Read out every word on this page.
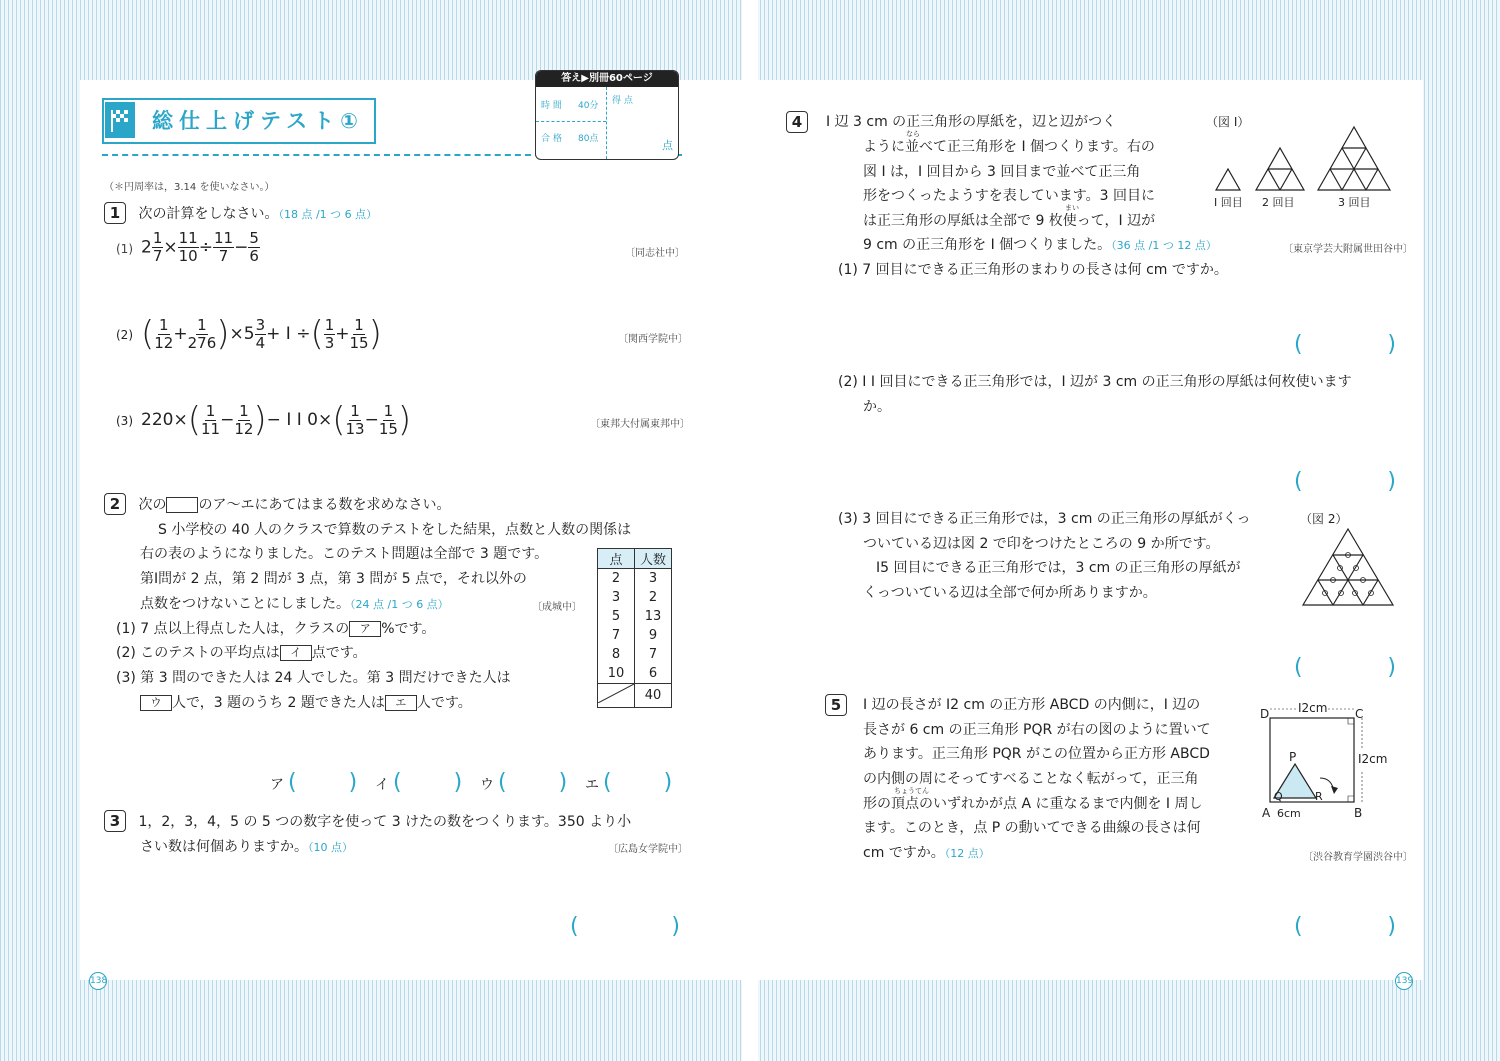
総仕上げテスト①
答え▶別冊60ページ
時 間 40分
合 格 80点
得 点
点
（＊円周率は，3.14 を使いなさい。）
1 次の計算をしなさい。（18 点 /1 つ 6 点）
(1) $2 \frac{1}{7} \times \frac{11}{10} \div \frac{11}{7} - \frac{5}{6}$	〔同志社中〕
(2) ( $\frac{1}{12} + \frac{1}{276} )\times 5 \frac{3}{4} + I$ ÷( $\frac{1}{3} + \frac{1}{15}$ )	〔関西学院中〕
(3) $220\times( \frac{1}{11} - \frac{1}{12}$ )− I I $0\times( \frac{1}{13} - \frac{1}{15}$ )	〔東邦大付属東邦中〕
2 次の のア～エにあてはまる数を求めなさい。
S 小学校の 40 人のクラスで算数のテストをした結果，点数と人数の関係は
右の表のようになりました。このテスト問題は全部で 3 題です。
第Ⅰ問が 2 点，第 2 問が 3 点，第 3 問が 5 点で，それ以外の
点数をつけないことにしました。（24 点 /1 つ 6 点）	〔成城中〕
(1) 7 点以上得点した人は，クラスの ア %です。
(2) このテストの平均点は イ 点です。
(3) 第 3 問のできた人は 24 人でした。第 3 問だけできた人は
ウ 人で，3 題のうち 2 題できた人は エ 人です。
点	人数
2	3
3	2
5	13
7	9
8	7
10	6
	40
ア ( ) イ ( ) ウ ( ) エ ( )
3 1，2，3，4，5 の 5 つの数字を使って 3 けたの数をつくります。350 より小
さい数は何個ありますか。（10 点）	〔広島女学院中〕
(	)
138
4	I 辺 3 cm の正三角形の厚紙を，辺と辺がつく
なら
ように並べて正三角形を I 個つくります。右の
図 I は，I 回目から 3 回目まで並べて正三角
形をつくったようすを表しています。3 回目に
まい
は正三角形の厚紙は全部で 9 枚使って，I 辺が
9 cm の正三角形を I 個つくりました。（36 点 /1 つ 12 点）	〔東京学芸大附属世田谷中〕
（図 I）
I 回目 2 回目	3 回目
(1) 7 回目にできる正三角形のまわりの長さは何 cm ですか。
(	)
(2) I I 回目にできる正三角形では，I 辺が 3 cm の正三角形の厚紙は何枚使います
か。
(	)
(3) 3 回目にできる正三角形では，3 cm の正三角形の厚紙がくっ
ついている辺は図 2 で印をつけたところの 9 か所です。
I5 回目にできる正三角形では，3 cm の正三角形の厚紙が
くっついている辺は全部で何か所ありますか。
（図 2）
(	)
5	I 辺の長さが I2 cm の正方形 ABCD の内側に，I 辺の
長さが 6 cm の正三角形 PQR が右の図のように置いて
あります。正三角形 PQR がこの位置から正方形 ABCD
の内側の周にそってすべることなく転がって，正三角
ちょうてん
形の頂点のいずれかが点 A に重なるまで内側を I 周し
ます。このとき，点 P の動いてできる曲線の長さは何
cm ですか。（12 点）	〔渋谷教育学園渋谷中〕
D	C
I2cm
I2cm
P
Q	R
A 6cm	B
(	)
139
